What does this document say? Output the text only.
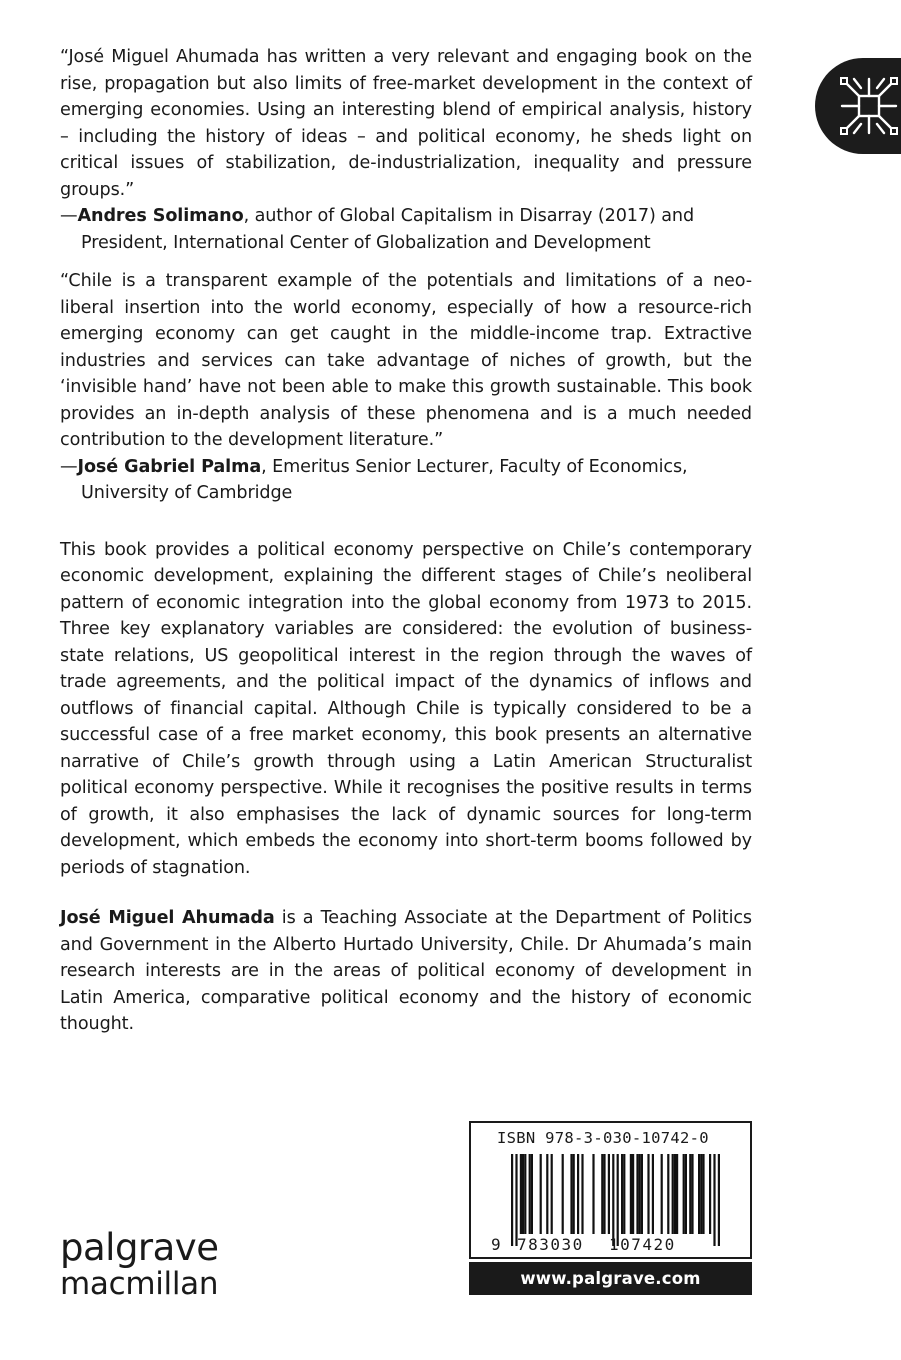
“José Miguel Ahumada has written a very relevant and engaging book on the rise, propagation but also limits of free-market development in the context of emerging economies. Using an interesting blend of empirical analysis, history – including the history of ideas – and political economy, he sheds light on critical issues of stabilization, de-industrialization, inequality and pressure groups.”

—Andres Solimano, author of Global Capitalism in Disarray (2017) and President, International Center of Globalization and Development

“Chile is a transparent example of the potentials and limitations of a neo-liberal insertion into the world economy, especially of how a resource-rich emerging economy can get caught in the middle-income trap. Extractive industries and services can take advantage of niches of growth, but the ‘invisible hand’ have not been able to make this growth sustainable. This book provides an in-depth analysis of these phenomena and is a much needed contribution to the development literature.”

—José Gabriel Palma, Emeritus Senior Lecturer, Faculty of Economics, University of Cambridge

This book provides a political economy perspective on Chile’s contemporary economic development, explaining the different stages of Chile’s neoliberal pattern of economic integration into the global economy from 1973 to 2015. Three key explanatory variables are considered: the evolution of business-state relations, US geopolitical interest in the region through the waves of trade agreements, and the political impact of the dynamics of inflows and outflows of financial capital. Although Chile is typically considered to be a successful case of a free market economy, this book presents an alternative narrative of Chile’s growth through using a Latin American Structuralist political economy perspective. While it recognises the positive results in terms of growth, it also emphasises the lack of dynamic sources for long-term development, which embeds the economy into short-term booms followed by periods of stagnation.

José Miguel Ahumada is a Teaching Associate at the Department of Politics and Government in the Alberto Hurtado University, Chile. Dr Ahumada’s main research interests are in the areas of political economy of development in Latin America, comparative political economy and the history of economic thought.

palgrave
macmillan
ISBN 978-3-030-10742-0
9 783030 107420
www.palgrave.com
